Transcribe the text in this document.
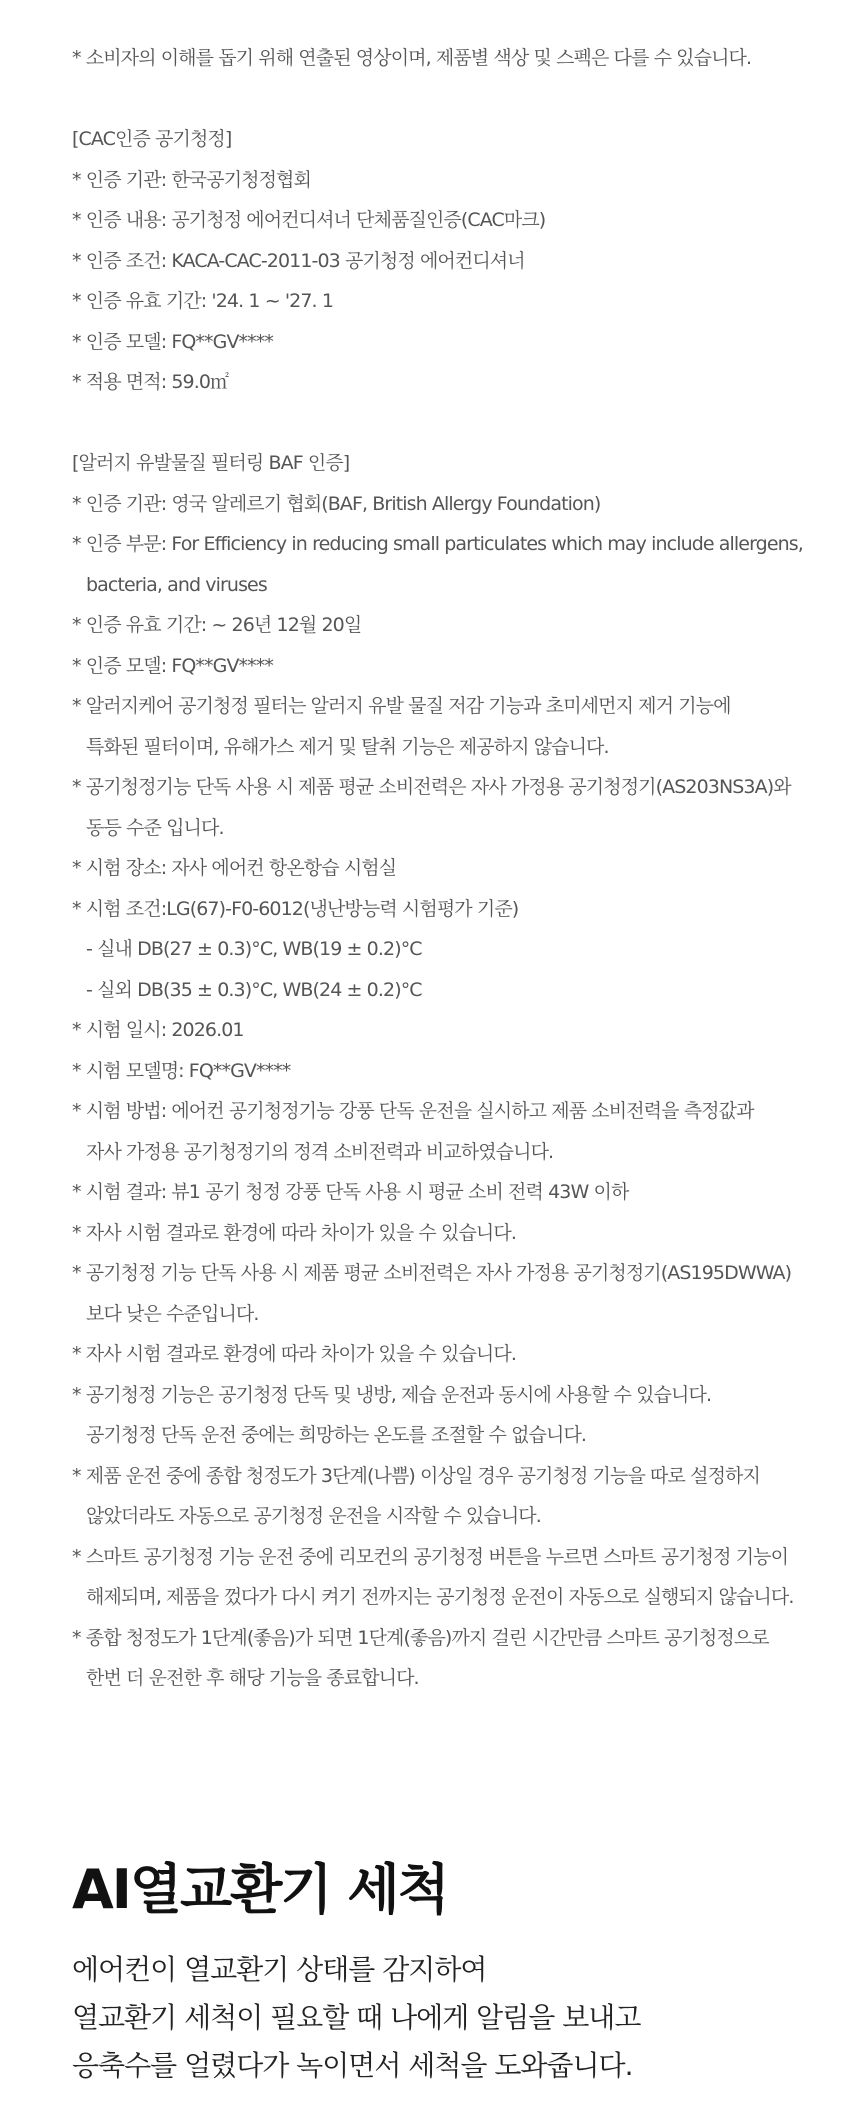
* 소비자의 이해를 돕기 위해 연출된 영상이며, 제품별 색상 및 스펙은 다를 수 있습니다.
[CAC인증 공기청정]
* 인증 기관: 한국공기청정협회
* 인증 내용: 공기청정 에어컨디셔너 단체품질인증(CAC마크)
* 인증 조건: KACA-CAC-2011-03 공기청정 에어컨디셔너
* 인증 유효 기간: '24. 1 ~ '27. 1
* 인증 모델: FQ**GV****
* 적용 면적: 59.0㎡
[알러지 유발물질 필터링 BAF 인증]
* 인증 기관: 영국 알레르기 협회(BAF, British Allergy Foundation)
* 인증 부문: For Efficiency in reducing small particulates which may include allergens,
bacteria, and viruses
* 인증 유효 기간: ~ 26년 12월 20일
* 인증 모델: FQ**GV****
* 알러지케어 공기청정 필터는 알러지 유발 물질 저감 기능과 초미세먼지 제거 기능에
특화된 필터이며, 유해가스 제거 및 탈취 기능은 제공하지 않습니다.
* 공기청정기능 단독 사용 시 제품 평균 소비전력은 자사 가정용 공기청정기(AS203NS3A)와
동등 수준 입니다.
* 시험 장소: 자사 에어컨 항온항습 시험실
* 시험 조건:LG(67)-F0-6012(냉난방능력 시험평가 기준)
- 실내 DB(27 ± 0.3)°C, WB(19 ± 0.2)°C
- 실외 DB(35 ± 0.3)°C, WB(24 ± 0.2)°C
* 시험 일시: 2026.01
* 시험 모델명: FQ**GV****
* 시험 방법: 에어컨 공기청정기능 강풍 단독 운전을 실시하고 제품 소비전력을 측정값과
자사 가정용 공기청정기의 정격 소비전력과 비교하였습니다.
* 시험 결과: 뷰1 공기 청정 강풍 단독 사용 시 평균 소비 전력 43W 이하
* 자사 시험 결과로 환경에 따라 차이가 있을 수 있습니다.
* 공기청정 기능 단독 사용 시 제품 평균 소비전력은 자사 가정용 공기청정기(AS195DWWA)
보다 낮은 수준입니다.
* 자사 시험 결과로 환경에 따라 차이가 있을 수 있습니다.
* 공기청정 기능은 공기청정 단독 및 냉방, 제습 운전과 동시에 사용할 수 있습니다.
공기청정 단독 운전 중에는 희망하는 온도를 조절할 수 없습니다.
* 제품 운전 중에 종합 청정도가 3단계(나쁨) 이상일 경우 공기청정 기능을 따로 설정하지
않았더라도 자동으로 공기청정 운전을 시작할 수 있습니다.
* 스마트 공기청정 기능 운전 중에 리모컨의 공기청정 버튼을 누르면 스마트 공기청정 기능이
해제되며, 제품을 껐다가 다시 켜기 전까지는 공기청정 운전이 자동으로 실행되지 않습니다.
* 종합 청정도가 1단계(좋음)가 되면 1단계(좋음)까지 걸린 시간만큼 스마트 공기청정으로
한번 더 운전한 후 해당 기능을 종료합니다.
AI열교환기 세척
에어컨이 열교환기 상태를 감지하여
열교환기 세척이 필요할 때 나에게 알림을 보내고
응축수를 얼렸다가 녹이면서 세척을 도와줍니다.
